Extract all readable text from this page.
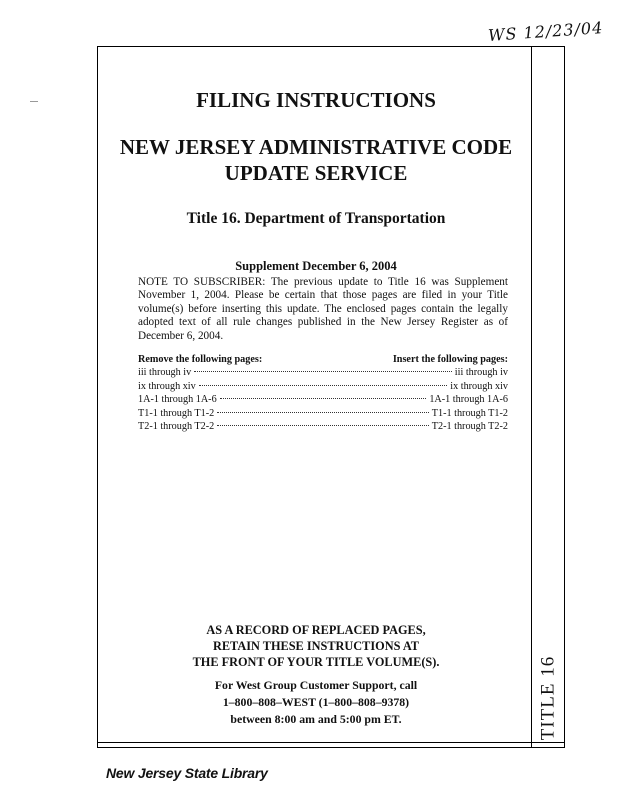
WS 12/23/04
FILING INSTRUCTIONS
NEW JERSEY ADMINISTRATIVE CODE
UPDATE SERVICE
Title 16. Department of Transportation
Supplement December 6, 2004
NOTE TO SUBSCRIBER: The previous update to Title 16 was Supplement November 1, 2004. Please be certain that those pages are filed in your Title volume(s) before inserting this update. The enclosed pages contain the legally adopted text of all rule changes published in the New Jersey Register as of December 6, 2004.
Remove the following pages:	Insert the following pages:
iii through iv	iii through iv
ix through xiv	ix through xiv
1A-1 through 1A-6	1A-1 through 1A-6
T1-1 through T1-2	T1-1 through T1-2
T2-1 through T2-2	T2-1 through T2-2
AS A RECORD OF REPLACED PAGES,
RETAIN THESE INSTRUCTIONS AT
THE FRONT OF YOUR TITLE VOLUME(S).
For West Group Customer Support, call
1–800–808–WEST (1–800–808–9378)
between 8:00 am and 5:00 pm ET.	TITLE 16
New Jersey State Library
